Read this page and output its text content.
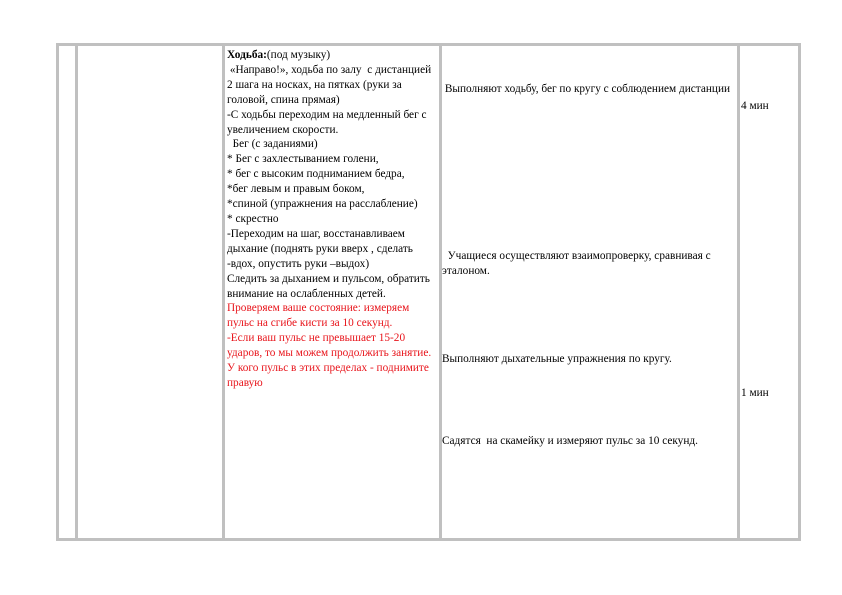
Ходьба:(под музыку)

«Направо!», ходьба по залу  с дистанцией 2 шага на носках, на пятках (руки за головой, спина прямая)

-С ходьбы переходим на медленный бег с увеличением скорости.

Бег (с заданиями)

* Бег с захлестыванием голени,

* бег с высоким подниманием бедра,

*бег левым и правым боком,

*спиной (упражнения на расслабление)

* скрестно

-Переходим на шаг, восстанавливаем дыхание (поднять руки вверх , сделать -вдох, опустить руки –выдох)

Следить за дыханием и пульсом, обратить внимание на ослабленных детей.

Проверяем ваше состояние: измеряем пульс на сгибе кисти за 10 секунд.

-Если ваш пульс не превышает 15-20 ударов, то мы можем продолжить занятие. У кого пульс в этих пределах - поднимите правую

Выполняют ходьбу, бег по кругу с соблюдением дистанции

Учащиеся осуществляют взаимопроверку, сравнивая с эталоном.

Выполняют дыхательные упражнения по кругу.

Садятся  на скамейку и измеряют пульс за 10 секунд.

4 мин

1 мин
